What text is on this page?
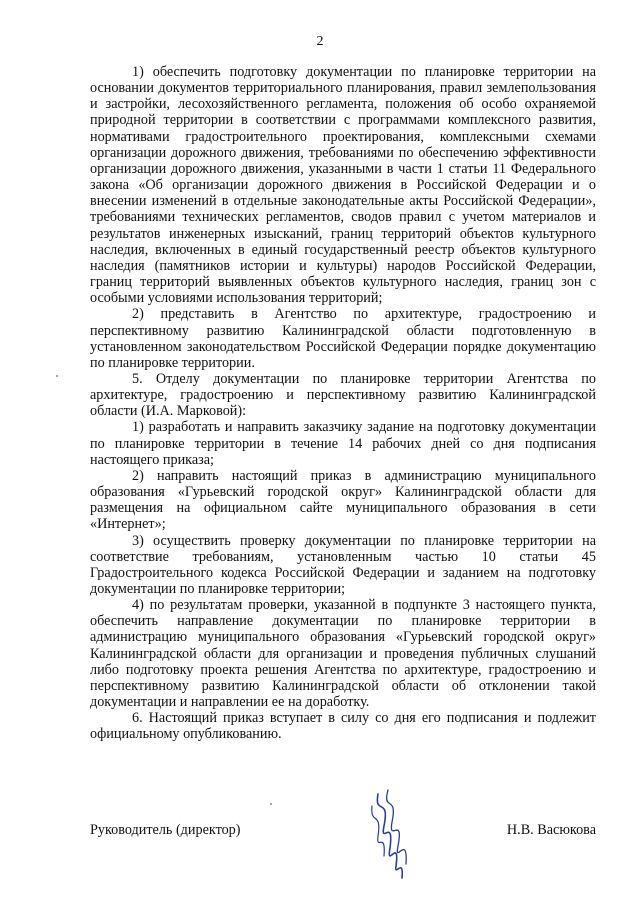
2

1) обеспечить подготовку документации по планировке территории на основании документов территориального планирования, правил землепользования и застройки, лесохозяйственного регламента, положения об особо охраняемой природной территории в соответствии с программами комплексного развития, нормативами градостроительного проектирования, комплексными схемами организации дорожного движения, требованиями по обеспечению эффективности организации дорожного движения, указанными в части 1 статьи 11 Федерального закона «Об организации дорожного движения в Российской Федерации и о внесении изменений в отдельные законодательные акты Российской Федерации», требованиями технических регламентов, сводов правил с учетом материалов и результатов инженерных изысканий, границ территорий объектов культурного наследия, включенных в единый государственный реестр объектов культурного наследия (памятников истории и культуры) народов Российской Федерации, границ территорий выявленных объектов культурного наследия, границ зон с особыми условиями использования территорий;

2) представить в Агентство по архитектуре, градостроению и перспективному развитию Калининградской области подготовленную в установленном законодательством Российской Федерации порядке документацию по планировке территории.

5. Отделу документации по планировке территории Агентства по архитектуре, градостроению и перспективному развитию Калининградской области (И.А. Марковой):

1) разработать и направить заказчику задание на подготовку документации по планировке территории в течение 14 рабочих дней со дня подписания настоящего приказа;

2) направить настоящий приказ в администрацию муниципального образования «Гурьевский городской округ» Калининградской области для размещения на официальном сайте муниципального образования в сети «Интернет»;

3) осуществить проверку документации по планировке территории на соответствие требованиям, установленным частью 10 статьи 45 Градостроительного кодекса Российской Федерации и заданием на подготовку документации по планировке территории;

4) по результатам проверки, указанной в подпункте 3 настоящего пункта, обеспечить направление документации по планировке территории в администрацию муниципального образования «Гурьевский городской округ» Калининградской области для организации и проведения публичных слушаний либо подготовку проекта решения Агентства по архитектуре, градостроению и перспективному развитию Калининградской области об отклонении такой документации и направлении ее на доработку.

6. Настоящий приказ вступает в силу со дня его подписания и подлежит официальному опубликованию.

Руководитель (директор)	Н.В. Васюкова
